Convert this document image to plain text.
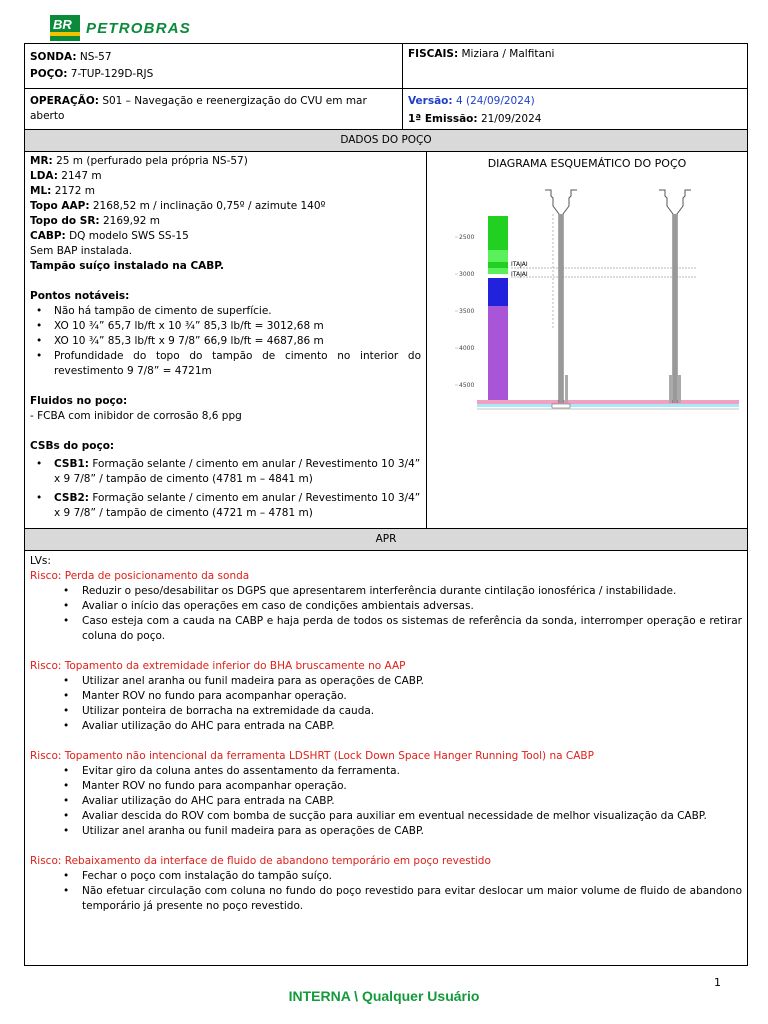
BR PETROBRAS
SONDA: NS-57
POÇO: 7-TUP-129D-RJS
FISCAIS: Miziara / Malfitani
OPERAÇÃO: S01 – Navegação e reenergização do CVU em mar aberto
Versão: 4 (24/09/2024)
1ª Emissão: 21/09/2024
DADOS DO POÇO
MR: 25 m (perfurado pela própria NS-57)
LDA: 2147 m
ML: 2172 m
Topo AAP: 2168,52 m / inclinação 0,75º / azimute 140º
Topo do SR: 2169,92 m
CABP: DQ modelo SWS SS-15
Sem BAP instalada.
Tampão suíço instalado na CABP.
Pontos notáveis:
• Não há tampão de cimento de superfície.
• XO 10 ¾” 65,7 lb/ft x 10 ¾” 85,3 lb/ft = 3012,68 m
• XO 10 ¾” 85,3 lb/ft x 9 7/8” 66,9 lb/ft = 4687,86 m
• Profundidade do topo do tampão de cimento no interior do revestimento 9 7/8” = 4721m
Fluidos no poço:
- FCBA com inibidor de corrosão 8,6 ppg
CSBs do poço:
• CSB1: Formação selante / cimento em anular / Revestimento 10 3/4” x 9 7/8” / tampão de cimento (4781 m – 4841 m)
• CSB2: Formação selante / cimento em anular / Revestimento 10 3/4” x 9 7/8” / tampão de cimento (4721 m – 4781 m)
DIAGRAMA ESQUEMÁTICO DO POÇO
2500
3000
3500
4000
4500
ITAJAI
ITAJAI
APR
LVs:
Risco: Perda de posicionamento da sonda
• Reduzir o peso/desabilitar os DGPS que apresentarem interferência durante cintilação ionosférica / instabilidade.
• Avaliar o início das operações em caso de condições ambientais adversas.
• Caso esteja com a cauda na CABP e haja perda de todos os sistemas de referência da sonda, interromper operação e retirar coluna do poço.
Risco: Topamento da extremidade inferior do BHA bruscamente no AAP
• Utilizar anel aranha ou funil madeira para as operações de CABP.
• Manter ROV no fundo para acompanhar operação.
• Utilizar ponteira de borracha na extremidade da cauda.
• Avaliar utilização do AHC para entrada na CABP.
Risco: Topamento não intencional da ferramenta LDSHRT (Lock Down Space Hanger Running Tool) na CABP
• Evitar giro da coluna antes do assentamento da ferramenta.
• Manter ROV no fundo para acompanhar operação.
• Avaliar utilização do AHC para entrada na CABP.
• Avaliar descida do ROV com bomba de sucção para auxiliar em eventual necessidade de melhor visualização da CABP.
• Utilizar anel aranha ou funil madeira para as operações de CABP.
Risco: Rebaixamento da interface de fluido de abandono temporário em poço revestido
• Fechar o poço com instalação do tampão suíço.
• Não efetuar circulação com coluna no fundo do poço revestido para evitar deslocar um maior volume de fluido de abandono temporário já presente no poço revestido.
1
INTERNA \ Qualquer Usuário
